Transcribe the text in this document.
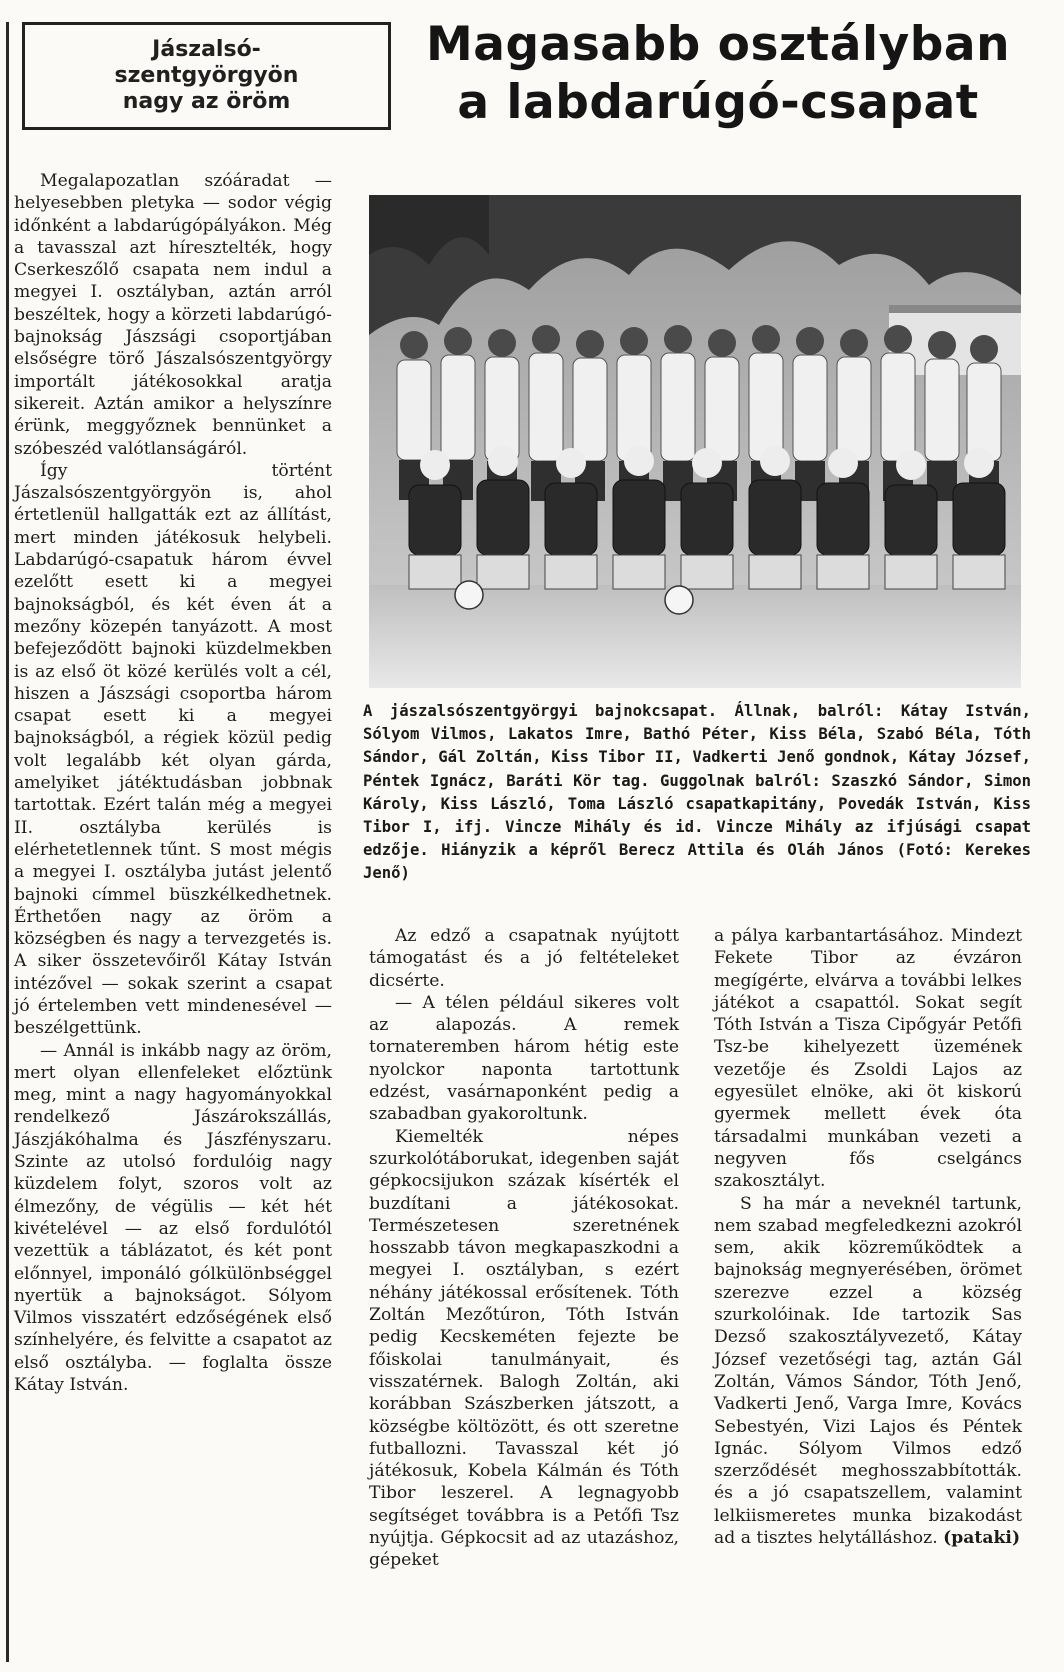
Jászalsó-
szentgyörgyön
nagy az öröm
Magasabb osztályban
a labdarúgó-csapat
A jászalsószentgyörgyi bajnokcsapat. Állnak, balról: Kátay István, Sólyom Vilmos, Lakatos Imre, Bathó Péter, Kiss Béla, Szabó Béla, Tóth Sándor, Gál Zoltán, Kiss Tibor II, Vadkerti Jenő gondnok, Kátay József, Péntek Ignácz, Baráti Kör tag. Guggolnak balról: Szaszkó Sándor, Simon Károly, Kiss László, Toma László csapatkapitány, Povedák István, Kiss Tibor I, ifj. Vincze Mihály és id. Vincze Mihály az ifjúsági csapat edzője. Hiányzik a képről Berecz Attila és Oláh János (Fotó: Kerekes Jenő)

Megalapozatlan szóáradat — helyesebben pletyka — sodor végig időnként a labdarúgópályákon. Még a tavasszal azt híresztelték, hogy Cserkeszőlő csapata nem indul a megyei I. osztályban, aztán arról beszéltek, hogy a körzeti labdarúgó-bajnokság Jászsági csoportjában elsőségre törő Jászalsószentgyörgy importált játékosokkal aratja sikereit. Aztán amikor a helyszínre érünk, meggyőznek bennünket a szóbeszéd valótlanságáról.

Így történt Jászalsószentgyörgyön is, ahol értetlenül hallgatták ezt az állítást, mert minden játékosuk helybeli. Labdarúgó-csapatuk három évvel ezelőtt esett ki a megyei bajnokságból, és két éven át a mezőny közepén tanyázott. A most befejeződött bajnoki küzdelmekben is az első öt közé kerülés volt a cél, hiszen a Jászsági csoportba három csapat esett ki a megyei bajnokságból, a régiek közül pedig volt legalább két olyan gárda, amelyiket játéktudásban jobbnak tartottak. Ezért talán még a megyei II. osztályba kerülés is elérhetetlennek tűnt. S most mégis a megyei I. osztályba jutást jelentő bajnoki címmel büszkélkedhetnek. Érthetően nagy az öröm a községben és nagy a tervezgetés is. A siker összetevőiről Kátay István intézővel — sokak szerint a csapat jó értelemben vett mindenesével — beszélgettünk.

— Annál is inkább nagy az öröm, mert olyan ellenfeleket előztünk meg, mint a nagy hagyományokkal rendelkező Jászárokszállás, Jászjákóhalma és Jászfényszaru. Szinte az utolsó fordulóig nagy küzdelem folyt, szoros volt az élmezőny, de végülis — két hét kivételével — az első fordulótól vezettük a táblázatot, és két pont előnnyel, imponáló gólkülönbséggel nyertük a bajnokságot. Sólyom Vilmos visszatért edzőségének első színhelyére, és felvitte a csapatot az első osztályba. — foglalta össze Kátay István.

Az edző a csapatnak nyújtott támogatást és a jó feltételeket dicsérte.

— A télen például sikeres volt az alapozás. A remek tornateremben három hétig este nyolckor naponta tartottunk edzést, vasárnaponként pedig a szabadban gyakoroltunk.

Kiemelték népes szurkolótáborukat, idegenben saját gépkocsijukon százak kísérték el buzdítani a játékosokat. Természetesen szeretnének hosszabb távon megkapaszkodni a megyei I. osztályban, s ezért néhány játékossal erősítenek. Tóth Zoltán Mezőtúron, Tóth István pedig Kecskeméten fejezte be főiskolai tanulmányait, és visszatérnek. Balogh Zoltán, aki korábban Szászberken játszott, a községbe költözött, és ott szeretne futballozni. Tavasszal két jó játékosuk, Kobela Kálmán és Tóth Tibor leszerel. A legnagyobb segítséget továbbra is a Petőfi Tsz nyújtja. Gépkocsit ad az utazáshoz, gépeket

a pálya karbantartásához. Mindezt Fekete Tibor az évzáron megígérte, elvárva a további lelkes játékot a csapattól. Sokat segít Tóth István a Tisza Cipőgyár Petőfi Tsz-be kihelyezett üzemének vezetője és Zsoldi Lajos az egyesület elnöke, aki öt kiskorú gyermek mellett évek óta társadalmi munkában vezeti a negyven fős cselgáncs szakosztályt.

S ha már a neveknél tartunk, nem szabad megfeledkezni azokról sem, akik közreműködtek a bajnokság megnyerésében, örömet szerezve ezzel a község szurkolóinak. Ide tartozik Sas Dezső szakosztályvezető, Kátay József vezetőségi tag, aztán Gál Zoltán, Vámos Sándor, Tóth Jenő, Vadkerti Jenő, Varga Imre, Kovács Sebestyén, Vizi Lajos és Péntek Ignác. Sólyom Vilmos edző szerződését meghosszabbították. és a jó csapatszellem, valamint lelkiismeretes munka bizakodást ad a tisztes helytálláshoz. (pataki)
